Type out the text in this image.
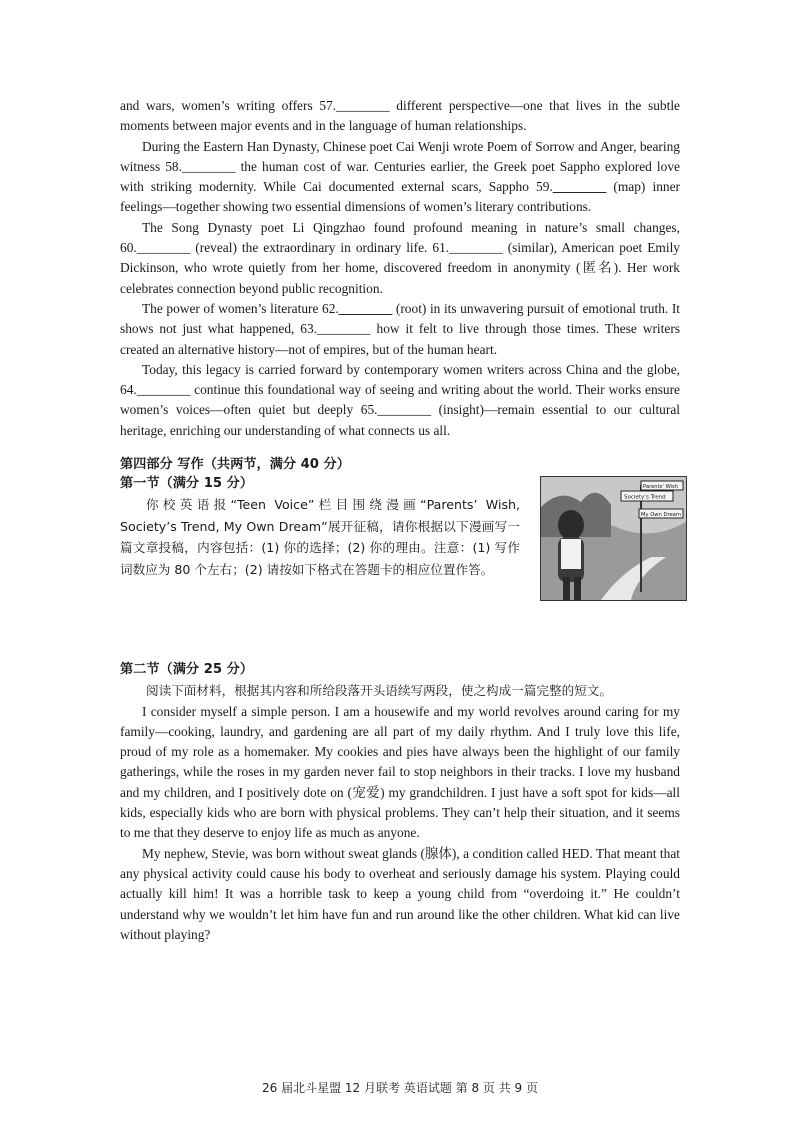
and wars, women’s writing offers 57.________ different perspective—one that lives in the subtle moments between major events and in the language of human relationships.

During the Eastern Han Dynasty, Chinese poet Cai Wenji wrote Poem of Sorrow and Anger, bearing witness 58.________ the human cost of war. Centuries earlier, the Greek poet Sappho explored love with striking modernity. While Cai documented external scars, Sappho 59.________ (map) inner feelings—together showing two essential dimensions of women’s literary contributions.

The Song Dynasty poet Li Qingzhao found profound meaning in nature’s small changes, 60.________ (reveal) the extraordinary in ordinary life. 61.________ (similar), American poet Emily Dickinson, who wrote quietly from her home, discovered freedom in anonymity (匿名). Her work celebrates connection beyond public recognition.

The power of women’s literature 62.________ (root) in its unwavering pursuit of emotional truth. It shows not just what happened, 63.________ how it felt to live through those times. These writers created an alternative history—not of empires, but of the human heart.

Today, this legacy is carried forward by contemporary women writers across China and the globe, 64.________ continue this foundational way of seeing and writing about the world. Their works ensure women’s voices—often quiet but deeply 65.________ (insight)—remain essential to our cultural heritage, enriching our understanding of what connects us all.

第四部分 写作（共两节，满分 40 分）
第一节（满分 15 分）
你校英语报“Teen Voice”栏目围绕漫画“Parents’ Wish, Society’s Trend, My Own Dream”展开征稿，请你根据以下漫画写一篇文章投稿，内容包括：(1) 你的选择；(2) 你的理由。注意：(1) 写作词数应为 80 个左右；(2) 请按如下格式在答题卡的相应位置作答。
Society’s Trend
Parents’ Wish
My Own Dream
第二节（满分 25 分）
阅读下面材料，根据其内容和所给段落开头语续写两段，使之构成一篇完整的短文。

I consider myself a simple person. I am a housewife and my world revolves around caring for my family—cooking, laundry, and gardening are all part of my daily rhythm. And I truly love this life, proud of my role as a homemaker. My cookies and pies have always been the highlight of our family gatherings, while the roses in my garden never fail to stop neighbors in their tracks. I love my husband and my children, and I positively dote on (宠爱) my grandchildren. I just have a soft spot for kids—all kids, especially kids who are born with physical problems. They can’t help their situation, and it seems to me that they deserve to enjoy life as much as anyone.

My nephew, Stevie, was born without sweat glands (腺体), a condition called HED. That meant that any physical activity could cause his body to overheat and seriously damage his system. Playing could actually kill him! It was a horrible task to keep a young child from “overdoing it.” He couldn’t understand why we wouldn’t let him have fun and run around like the other children. What kid can live without playing?

26 届北斗星盟 12 月联考 英语试题 第 8 页 共 9 页
